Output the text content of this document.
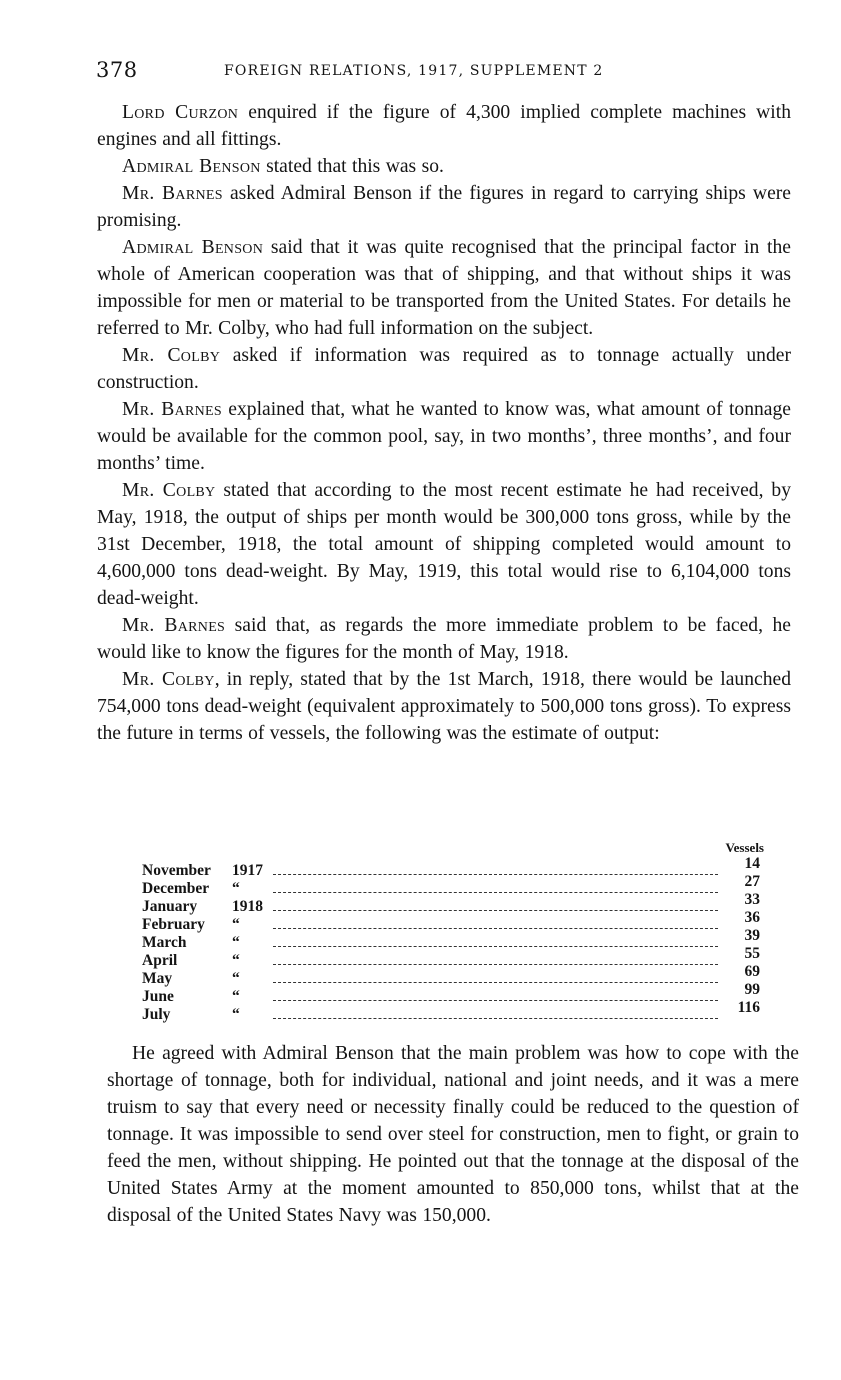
378	FOREIGN RELATIONS, 1917, SUPPLEMENT 2

Lord Curzon enquired if the figure of 4,300 implied complete machines with engines and all fittings.

Admiral Benson stated that this was so.

Mr. Barnes asked Admiral Benson if the figures in regard to carrying ships were promising.

Admiral Benson said that it was quite recognised that the principal factor in the whole of American cooperation was that of shipping, and that without ships it was impossible for men or material to be transported from the United States. For details he referred to Mr. Colby, who had full information on the subject.

Mr. Colby asked if information was required as to tonnage actually under construction.

Mr. Barnes explained that, what he wanted to know was, what amount of tonnage would be available for the common pool, say, in two months’, three months’, and four months’ time.

Mr. Colby stated that according to the most recent estimate he had received, by May, 1918, the output of ships per month would be 300,000 tons gross, while by the 31st December, 1918, the total amount of shipping completed would amount to 4,600,000 tons dead-weight. By May, 1919, this total would rise to 6,104,000 tons dead-weight.

Mr. Barnes said that, as regards the more immediate problem to be faced, he would like to know the figures for the month of May, 1918.

Mr. Colby, in reply, stated that by the 1st March, 1918, there would be launched 754,000 tons dead-weight (equivalent approximately to 500,000 tons gross). To express the future in terms of vessels, the following was the estimate of output:

Vessels
November 1917	14
December “	27
January 1918	33
February “	36
March	“	39
April	“	55
May	“	69
June	“	99
July	“	116

He agreed with Admiral Benson that the main problem was how to cope with the shortage of tonnage, both for individual, national and joint needs, and it was a mere truism to say that every need or necessity finally could be reduced to the question of tonnage. It was impossible to send over steel for construction, men to fight, or grain to feed the men, without shipping. He pointed out that the tonnage at the disposal of the United States Army at the moment amounted to 850,000 tons, whilst that at the disposal of the United States Navy was 150,000.
